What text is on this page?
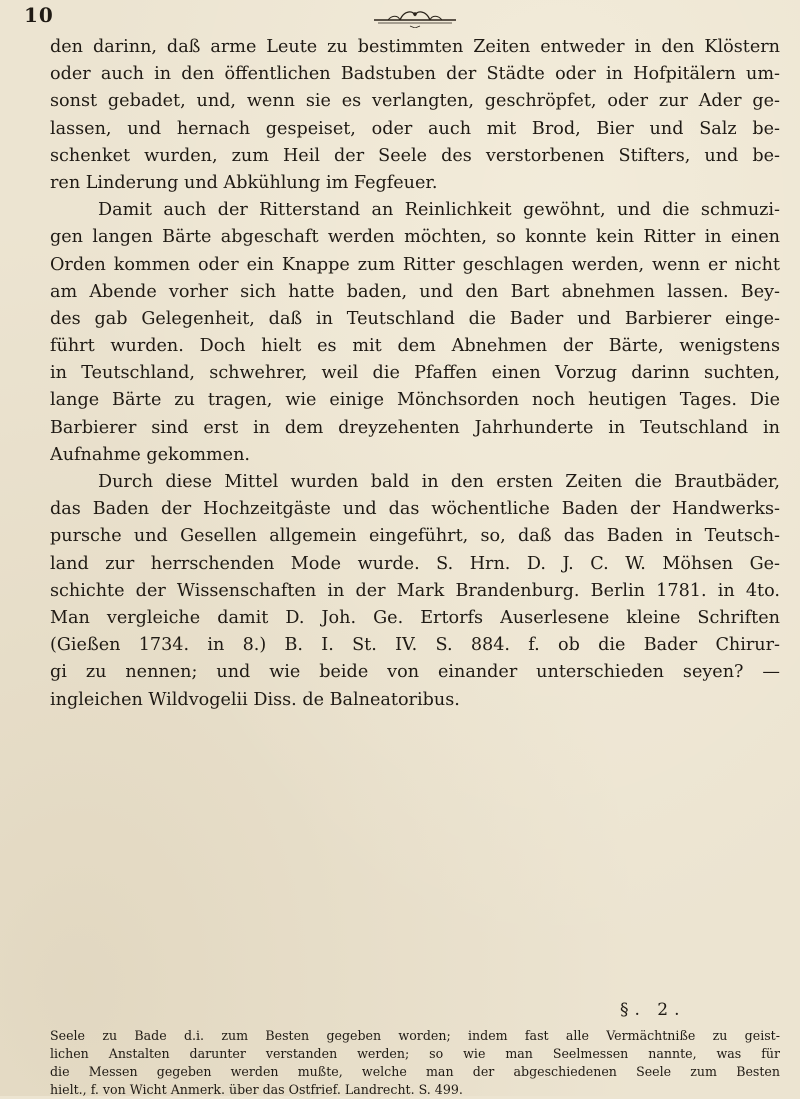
10
den darinn, daß arme Leute zu bestimmten Zeiten entweder in den Klöstern
oder auch in den öffentlichen Badstuben der Städte oder in Hofpitälern um-
sonst gebadet, und, wenn sie es verlangten, geschröpfet, oder zur Ader ge-
lassen, und hernach gespeiset, oder auch mit Brod, Bier und Salz be-
schenket wurden, zum Heil der Seele des verstorbenen Stifters, und be-
ren Linderung und Abkühlung im Fegfeuer.
Damit auch der Ritterstand an Reinlichkeit gewöhnt, und die schmuzi-
gen langen Bärte abgeschaft werden möchten, so konnte kein Ritter in einen
Orden kommen oder ein Knappe zum Ritter geschlagen werden, wenn er nicht
am Abende vorher sich hatte baden, und den Bart abnehmen lassen. Bey-
des gab Gelegenheit, daß in Teutschland die Bader und Barbierer einge-
führt wurden. Doch hielt es mit dem Abnehmen der Bärte, wenigstens
in Teutschland, schwehrer, weil die Pfaffen einen Vorzug darinn suchten,
lange Bärte zu tragen, wie einige Mönchsorden noch heutigen Tages. Die
Barbierer sind erst in dem dreyzehenten Jahrhunderte in Teutschland in
Aufnahme gekommen.
Durch diese Mittel wurden bald in den ersten Zeiten die Brautbäder,
das Baden der Hochzeitgäste und das wöchentliche Baden der Handwerks-
pursche und Gesellen allgemein eingeführt, so, daß das Baden in Teutsch-
land zur herrschenden Mode wurde. S. Hrn. D. J. C. W. Möhsen Ge-
schichte der Wissenschaften in der Mark Brandenburg. Berlin 1781. in 4to.
Man vergleiche damit D. Joh. Ge. Ertorfs Auserlesene kleine Schriften
(Gießen 1734. in 8.) B. I. St. IV. S. 884. f. ob die Bader Chirur-
gi zu nennen; und wie beide von einander unterschieden seyen? —
ingleichen Wildvogelii Diss. de Balneatoribus.
§. 2.
Seele zu Bade d.i. zum Besten gegeben worden; indem fast alle Vermächtniße zu geist-
lichen Anstalten darunter verstanden werden; so wie man Seelmessen nannte, was für
die Messen gegeben werden mußte, welche man der abgeschiedenen Seele zum Besten
hielt., f. von Wicht Anmerk. über das Ostfrief. Landrecht. S. 499.
